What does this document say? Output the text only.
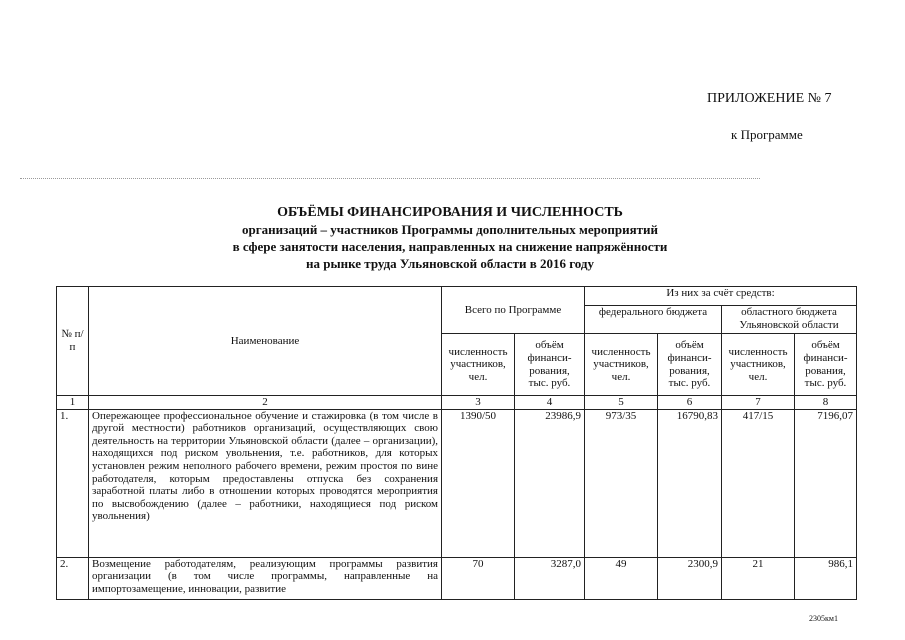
ПРИЛОЖЕНИЕ № 7
к Программе
ОБЪЁМЫ ФИНАНСИРОВАНИЯ И ЧИСЛЕННОСТЬ
организаций – участников Программы дополнительных мероприятий
в сфере занятости населения, направленных на снижение напряжённости
на рынке труда Ульяновской области в 2016 году
№ п/п	Наименование	Всего по Программе		Из них за счёт средств:			
				федерального бюджета		областного бюджета Ульяновской области	
		численность участников, чел.	объём финанси-рования, тыс. руб.	численность участников, чел.	объём финанси-рования, тыс. руб.	численность участников, чел.	объём финанси-рования, тыс. руб.
1	2	3	4	5	6	7	8
1.	Опережающее профессиональное обучение и стажировка (в том числе в другой местности) работников организаций, осуществляющих свою деятельность на территории Ульяновской области (далее – организации), находящихся под риском увольнения, т.е. работников, для которых установлен режим неполного рабочего времени, режим простоя по вине работодателя, которым предоставлены отпуска без сохранения заработной платы либо в отношении которых проводятся мероприятия по высвобождению (далее – работники, находящиеся под риском увольнения)	1390/50	23986,9	973/35	16790,83	417/15	7196,07
2.	Возмещение работодателям, реализующим программы развития организации (в том числе программы, направленные на импортозамещение, инновации, развитие	70	3287,0	49	2300,9	21	986,1
2305км1
